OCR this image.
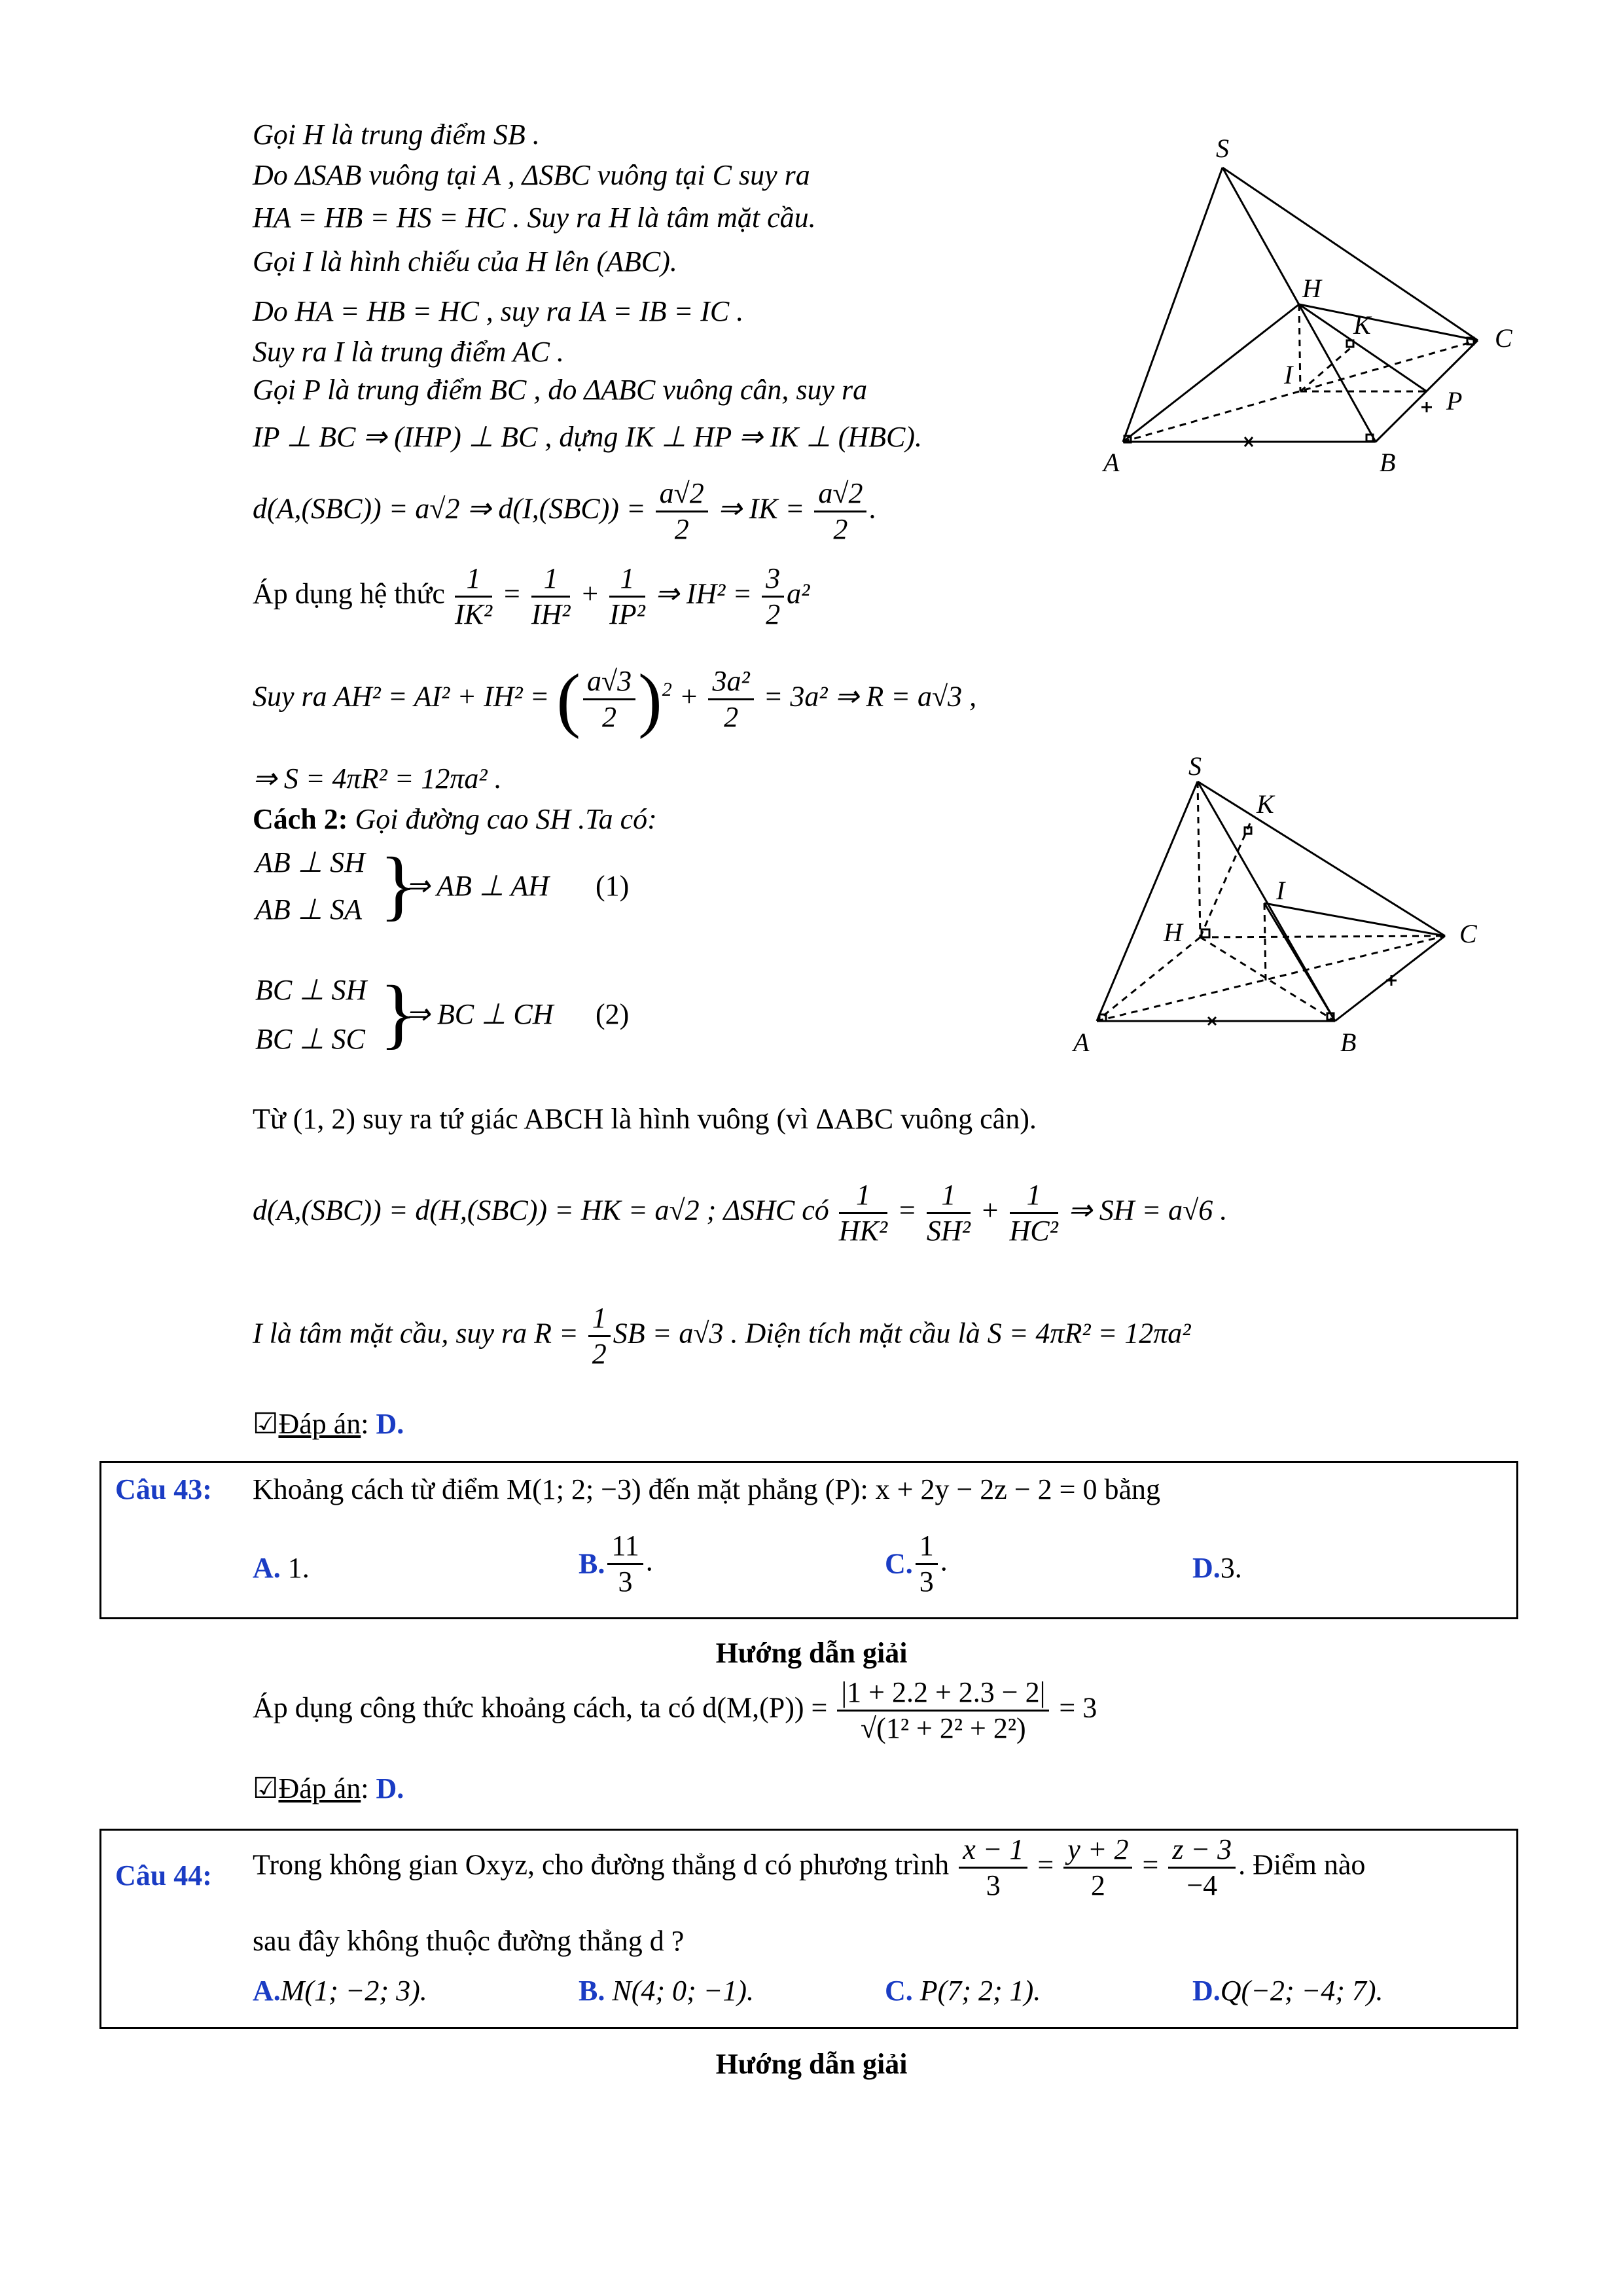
Gọi H là trung điểm SB .
Do ΔSAB vuông tại A , ΔSBC vuông tại C suy ra
HA = HB = HS = HC . Suy ra H là tâm mặt cầu.
Gọi I là hình chiếu của H lên (ABC).
Do HA = HB = HC , suy ra IA = IB = IC .
Suy ra I là trung điểm AC .
Gọi P là trung điểm BC , do ΔABC vuông cân, suy ra
IP ⊥ BC ⇒ (IHP) ⊥ BC , dựng IK ⊥ HP ⇒ IK ⊥ (HBC).
d(A,(SBC)) = a√2 ⇒ $d(I,(SBC)) = \frac{a√2}{2}$ ⇒ IK = $\frac{a√2}{2}$ .
Áp dụng hệ thức $\frac{1}{\text{IK²}} = \frac{1}{\text{IH²}} + \frac{1}{\text{IP²}}$ ⇒ $IH^2 = \frac{3}{2} a^2$
Suy ra AH² = AI² + IH² = ( $\frac{a√3}{2} )^2 + \frac{\text{3a²}}{2} = 3a^2$ ⇒ R = a√3 ,
⇒ S = 4πR² = 12πa² .
Cách 2: Gọi đường cao SH .Ta có:
AB ⊥ SH
AB ⊥ SA }
⇒ AB ⊥ AH (1)
BC ⊥ SH
BC ⊥ SC }
⇒ BC ⊥ CH (2)
Từ (1, 2) suy ra tứ giác ABCH là hình vuông (vì ΔABC vuông cân).
d(A,(SBC)) = d(H,(SBC)) = HK = a√2 ; ΔSHC có $\frac{1}{\text{HK²}} = \frac{1}{\text{SH²}} + \frac{1}{\text{HC²}}$ ⇒ SH = a√6 .
I là tâm mặt cầu, suy ra $R = \frac{1}{2}$ SB = a√3 . Diện tích mặt cầu là S = 4πR² = 12πa²
☑Đáp án: D.
Câu 43: Khoảng cách từ điểm M(1; 2; −3) đến mặt phẳng (P): x + 2y − 2z − 2 = 0 bằng
A. 1.	B. $\frac{11}{3}$ .	C. $\frac{1}{3}$ .	D.3.
Hướng dẫn giải
Áp dụng công thức khoảng cách, ta có $d(M,(P)) = \frac{|1 + 2.2 + 2.3 - 2|}{\text{√(1² + 2² + 2²)}} = 3$
☑Đáp án: D.
Câu 44: Trong không gian Oxyz, cho đường thẳng d có phương trình $\frac{x - 1}{3} = \frac{y + 2}{2} = \frac{z - 3}{-4}$ . Điểm nào
sau đây không thuộc đường thẳng d ?
A.M(1; −2; 3).	B. N(4; 0; −1).	C. P(7; 2; 1).	D.Q(−2; −4; 7).
Hướng dẫn giải
S
H
K	C
I
P
A	B
S
K
I
H	C
A	B
